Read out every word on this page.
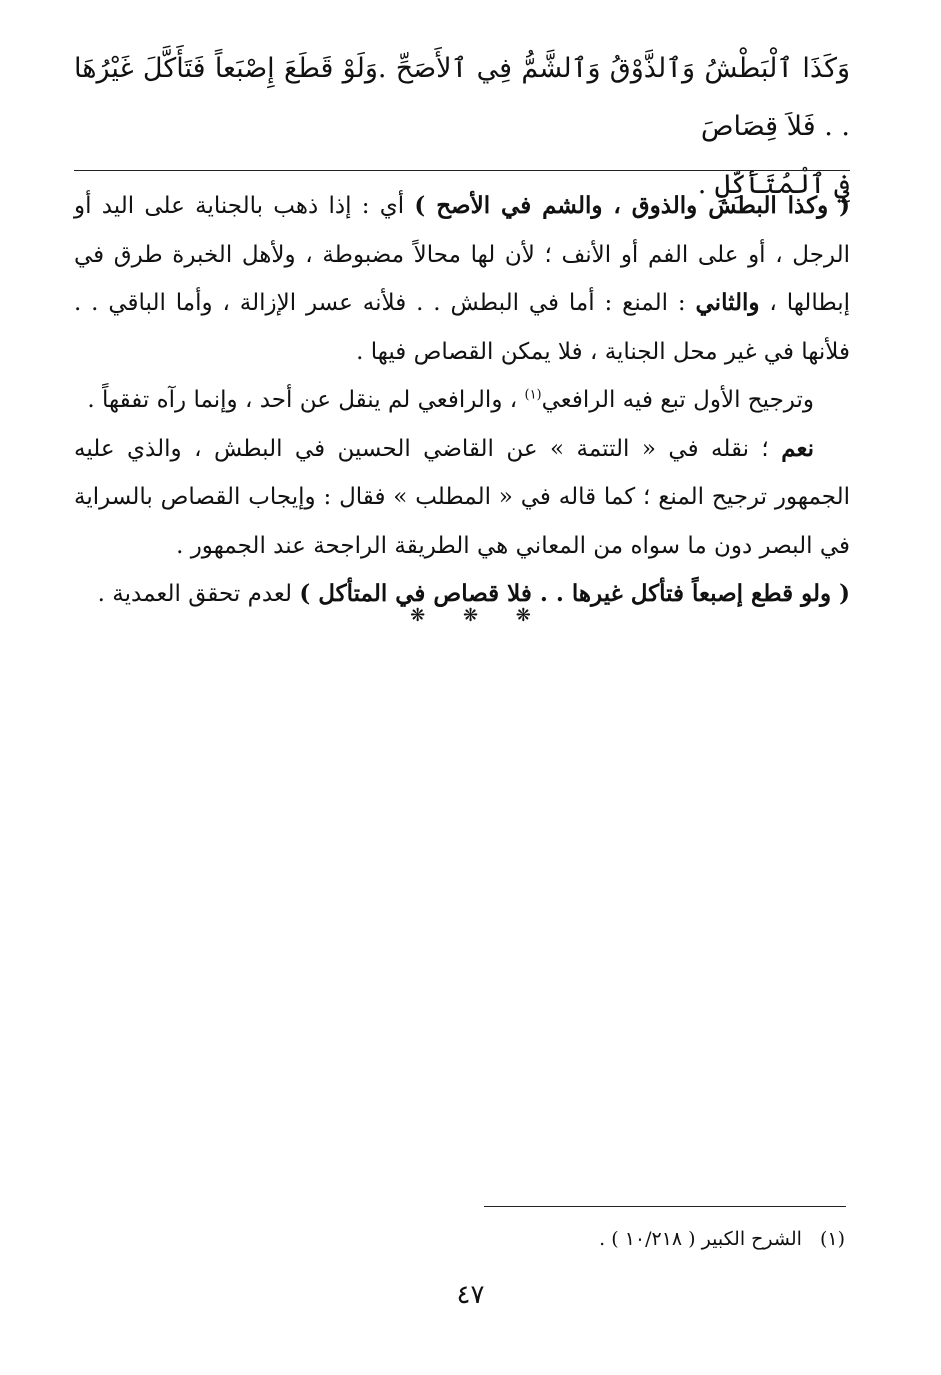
وَكَذَا ٱلْبَطْشُ وَٱلذَّوْقُ وَٱلشَّمُّ فِي ٱلأَصَحِّ .وَلَوْ قَطَعَ إِصْبَعاً فَتَأَكَّلَ غَيْرُهَا . . فَلاَ قِصَاصَ

فِي ٱلْمُتَأَكِّلِ .

( وكذا البطش والذوق ، والشم في الأصح ) أي : إذا ذهب بالجناية على اليد أو الرجل ، أو على الفم أو الأنف ؛ لأن لها محالاً مضبوطة ، ولأهل الخبرة طرق في إبطالها ، والثاني : المنع : أما في البطش . . فلأنه عسر الإزالة ، وأما الباقي . . فلأنها في غير محل الجناية ، فلا يمكن القصاص فيها .

وترجيح الأول تبع فيه الرافعي$^{(١)}$ ، والرافعي لم ينقل عن أحد ، وإنما رآه تفقهاً .

نعم ؛ نقله في « التتمة » عن القاضي الحسين في البطش ، والذي عليه الجمهور ترجيح المنع ؛ كما قاله في « المطلب » فقال : وإيجاب القصاص بالسراية في البصر دون ما سواه من المعاني هي الطريقة الراجحة عند الجمهور .

( ولو قطع إصبعاً فتأكل غيرها . . فلا قصاص في المتأكل ) لعدم تحقق العمدية .

❋ ❋ ❋
(١)الشرح الكبير ( ١٠/٢١٨ ) .
٤٧
